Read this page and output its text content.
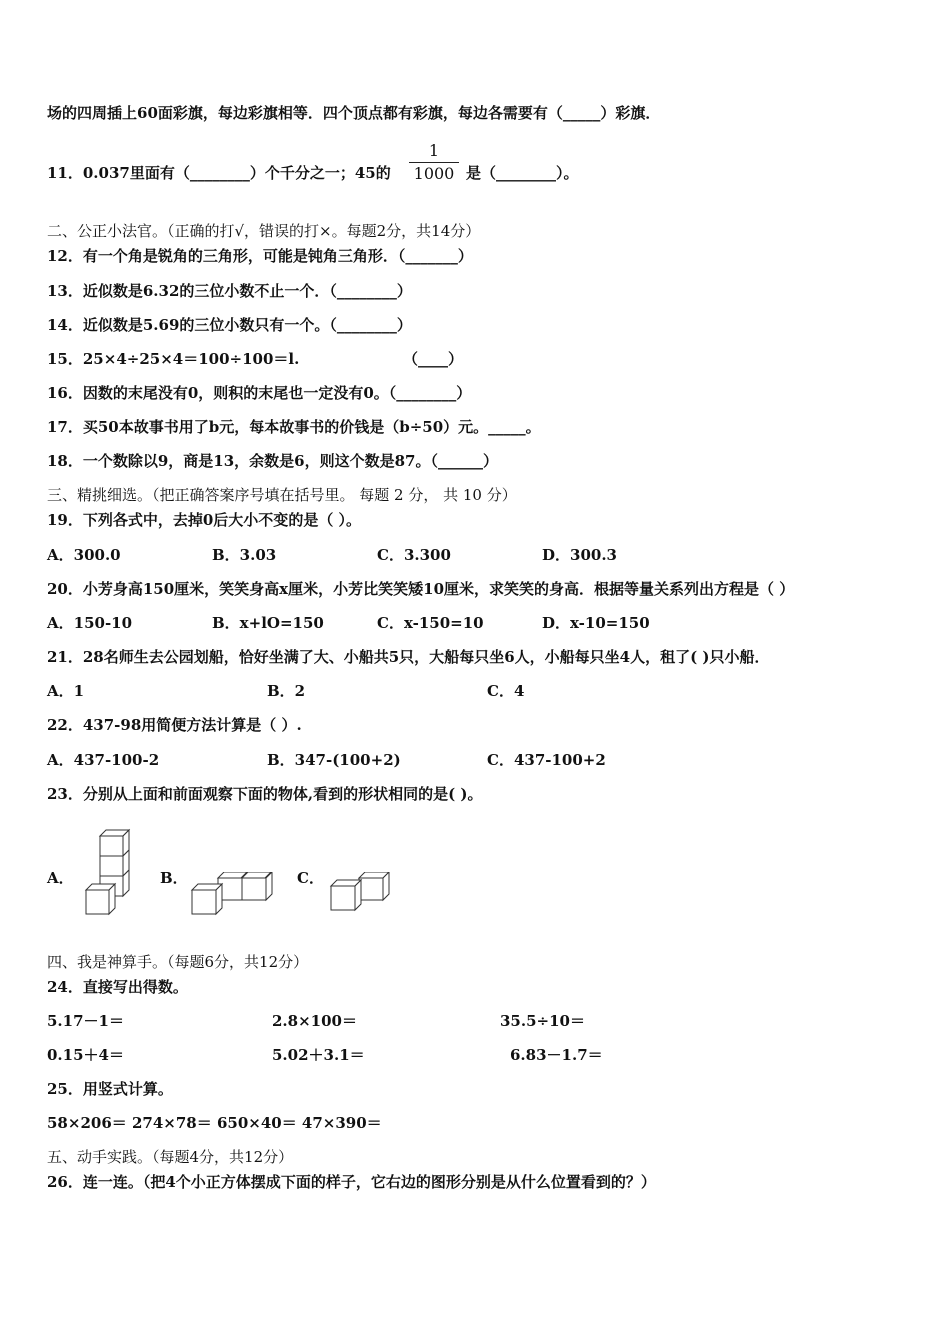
场的四周插上60面彩旗，每边彩旗相等．四个顶点都有彩旗，每边各需要有（_____）彩旗．
11．0.037里面有（________）个千分之一；45的
1
1000 是（________）。
二、公正小法官。（正确的打√，错误的打×。每题2分，共14分）
12．有一个角是锐角的三角形，可能是钝角三角形．（_______）
13．近似数是6.32的三位小数不止一个．（________）
14．近似数是5.69的三位小数只有一个。（________）
15．25×4÷25×4＝100÷100＝l.	（____）
16．因数的末尾没有0，则积的末尾也一定没有0。（________）
17．买50本故事书用了b元，每本故事书的价钱是（b÷50）元。_____。
18．一个数除以9，商是13，余数是6，则这个数是87。（______）
三、精挑细选。（把正确答案序号填在括号里。 每题 2 分， 共 10 分）
19．下列各式中，去掉0后大小不变的是（ ）。
A．300.0	B．3.03	C．3.300	D．300.3
20．小芳身高150厘米，笑笑身高x厘米，小芳比笑笑矮10厘米，求笑笑的身高．根据等量关系列出方程是（ ）
A．150-10	B．x+lO=150	C．x-150=10	D．x-10=150
21．28名师生去公园划船，恰好坐满了大、小船共5只，大船每只坐6人，小船每只坐4人，租了( )只小船．
A．1	B．2	C．4
22．437-98用简便方法计算是（ ）.
A．437-100-2	B．347-(100+2)	C．437-100+2
23．分别从上面和前面观察下面的物体,看到的形状相同的是( )。
A．	B．	C．
四、我是神算手。（每题6分，共12分）
24．直接写出得数。
5.17－1＝	2.8×100＝	35.5÷10＝
0.15＋4＝	5.02＋3.1＝	6.83－1.7＝
25．用竖式计算。
58×206＝ 274×78＝ 650×40＝ 47×390＝
五、动手实践。（每题4分，共12分）
26．连一连。（把4个小正方体摆成下面的样子，它右边的图形分别是从什么位置看到的？）
